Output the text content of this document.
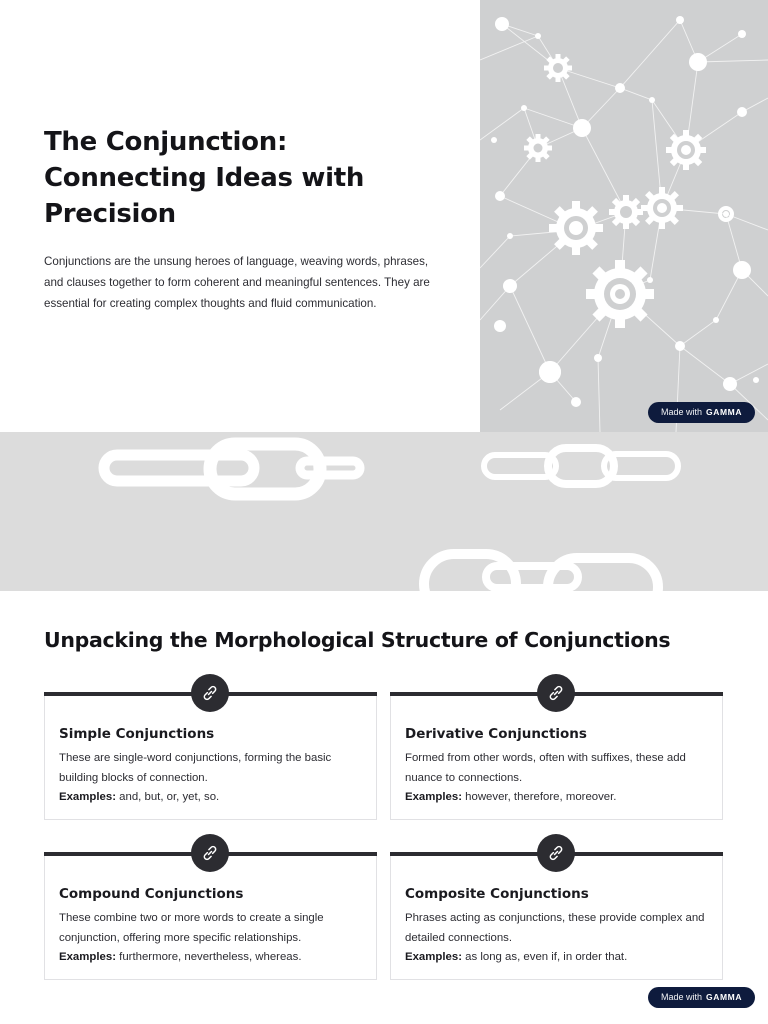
The Conjunction: Connecting Ideas with Precision

Conjunctions are the unsung heroes of language, weaving words, phrases, and clauses together to form coherent and meaningful sentences. They are essential for creating complex thoughts and fluid communication.

Made with GAMMA
Unpacking the Morphological Structure of Conjunctions
Simple Conjunctions
These are single-word conjunctions, forming the basic building blocks of connection.
Examples: and, but, or, yet, so.
Derivative Conjunctions
Formed from other words, often with suffixes, these add nuance to connections.
Examples: however, therefore, moreover.
Compound Conjunctions
These combine two or more words to create a single conjunction, offering more specific relationships.
Examples: furthermore, nevertheless, whereas.
Composite Conjunctions
Phrases acting as conjunctions, these provide complex and detailed connections.
Examples: as long as, even if, in order that.
Made with GAMMA
